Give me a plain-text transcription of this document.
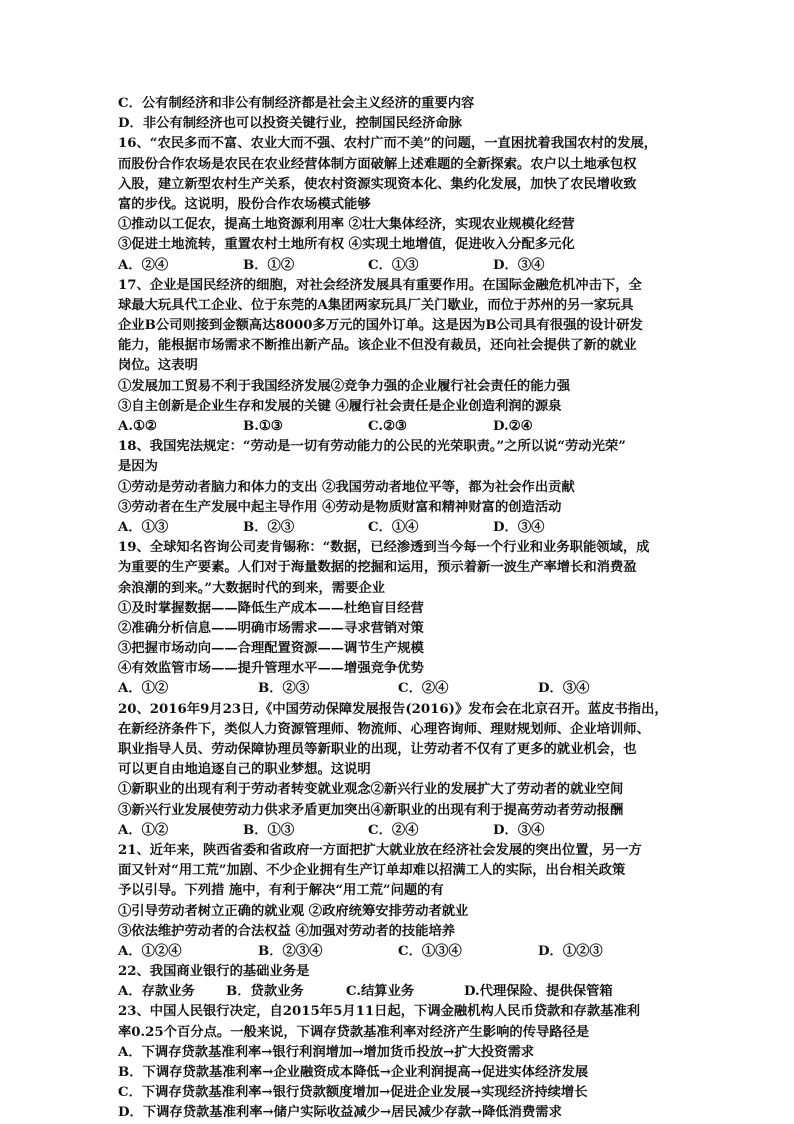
C．公有制经济和非公有制经济都是社会主义经济的重要内容
D．非公有制经济也可以投资关键行业，控制国民经济命脉
16、“农民多而不富、农业大而不强、农村广而不美”的问题，一直困扰着我国农村的发展，
而股份合作农场是农民在农业经营体制方面破解上述难题的全新探索。农户以土地承包权
入股，建立新型农村生产关系，使农村资源实现资本化、集约化发展，加快了农民增收致
富的步伐。这说明，股份合作农场模式能够
①推动以工促农，提高土地资源利用率 ②壮大集体经济，实现农业规模化经营
③促进土地流转，重置农村土地所有权 ④实现土地增值，促进收入分配多元化
A．②④	B．①②	C．①③	D．③④
17、企业是国民经济的细胞，对社会经济发展具有重要作用。在国际金融危机冲击下，全
球最大玩具代工企业、位于东莞的A集团两家玩具厂关门歇业，而位于苏州的另一家玩具
企业B公司则接到金额高达8000多万元的国外订单。这是因为B公司具有很强的设计研发
能力，能根据市场需求不断推出新产品。该企业不但没有裁员，还向社会提供了新的就业
岗位。这表明
①发展加工贸易不利于我国经济发展②竞争力强的企业履行社会责任的能力强
③自主创新是企业生存和发展的关键 ④履行社会责任是企业创造利润的源泉
A.①②	B.①③	C.②③	D.②④
18、我国宪法规定：“劳动是一切有劳动能力的公民的光荣职责。”之所以说“劳动光荣”
是因为
①劳动是劳动者脑力和体力的支出 ②我国劳动者地位平等，都为社会作出贡献
③劳动者在生产发展中起主导作用 ④劳动是物质财富和精神财富的创造活动
A．①③	B．②③	C．①④	D．③④
19、全球知名咨询公司麦肯锡称：“数据，已经渗透到当今每一个行业和业务职能领域，成
为重要的生产要素。人们对于海量数据的挖掘和运用，预示着新一波生产率增长和消费盈
余浪潮的到来。”大数据时代的到来，需要企业
①及时掌握数据——降低生产成本——杜绝盲目经营
②准确分析信息——明确市场需求——寻求营销对策
③把握市场动向——合理配置资源——调节生产规模
④有效监管市场——提升管理水平——增强竞争优势
A．①②	B．②③	C．②④	D．③④
20、2016年9月23日,《中国劳动保障发展报告(2016)》发布会在北京召开。蓝皮书指出，
在新经济条件下，类似人力资源管理师、物流师、心理咨询师、理财规划师、企业培训师、
职业指导人员、劳动保障协理员等新职业的出现，让劳动者不仅有了更多的就业机会，也
可以更自由地追逐自己的职业梦想。这说明
①新职业的出现有利于劳动者转变就业观念②新兴行业的发展扩大了劳动者的就业空间
③新兴行业发展使劳动力供求矛盾更加突出④新职业的出现有利于提高劳动者劳动报酬
A．①②	B．①③	C．②④	D．③④
21、近年来，陕西省委和省政府一方面把扩大就业放在经济社会发展的突出位置，另一方
面又针对“用工荒”加剧、不少企业拥有生产订单却难以招满工人的实际，出台相关政策
予以引导。下列措 施中，有利于解决“用工荒”问题的有
①引导劳动者树立正确的就业观 ②政府统筹安排劳动者就业
③依法维护劳动者的合法权益 ④加强对劳动者的技能培养
A．①②④	B．②③④	C．①③④	D．①②③
22、我国商业银行的基础业务是
A．存款业务	B．贷款业务	C.结算业务	D.代理保险、提供保管箱
23、中国人民银行决定，自2015年5月11日起，下调金融机构人民币贷款和存款基准利
率0.25个百分点。一般来说，下调存贷款基准利率对经济产生影响的传导路径是
A．下调存贷款基准利率→银行利润增加→增加货币投放→扩大投资需求
B．下调存贷款基准利率→企业融资成本降低→企业利润提高→促进实体经济发展
C．下调存贷款基准利率→银行贷款额度增加→促进企业发展→实现经济持续增长
D．下调存贷款基准利率→储户实际收益减少→居民减少存款→降低消费需求
